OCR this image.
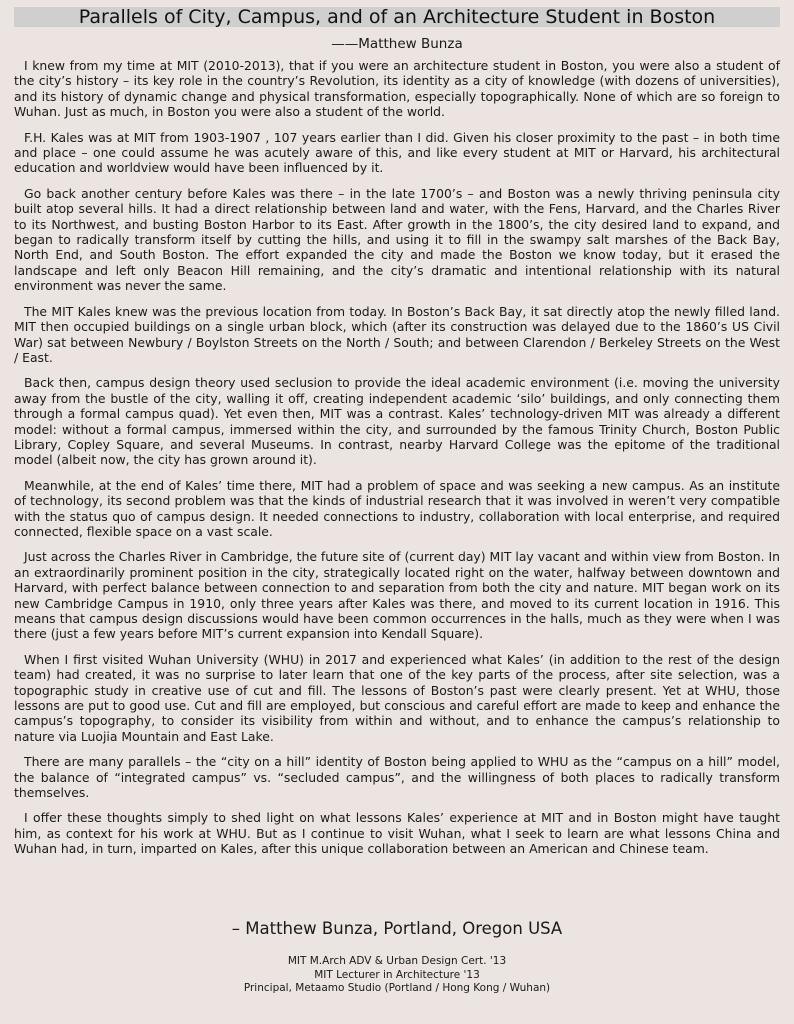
Parallels of City, Campus, and of an Architecture Student in Boston
——Matthew Bunza

I knew from my time at MIT (2010-2013), that if you were an architecture student in Boston, you were also a student of the city’s history – its key role in the country’s Revolution, its identity as a city of knowledge (with dozens of universities), and its history of dynamic change and physical transformation, especially topographically. None of which are so foreign to Wuhan. Just as much, in Boston you were also a student of the world.

F.H. Kales was at MIT from 1903-1907 , 107 years earlier than I did. Given his closer proximity to the past – in both time and place – one could assume he was acutely aware of this, and like every student at MIT or Harvard, his architectural education and worldview would have been influenced by it.

Go back another century before Kales was there – in the late 1700’s – and Boston was a newly thriving peninsula city built atop several hills. It had a direct relationship between land and water, with the Fens, Harvard, and the Charles River to its Northwest, and busting Boston Harbor to its East. After growth in the 1800’s, the city desired land to expand, and began to radically transform itself by cutting the hills, and using it to fill in the swampy salt marshes of the Back Bay, North End, and South Boston. The effort expanded the city and made the Boston we know today, but it erased the landscape and left only Beacon Hill remaining, and the city’s dramatic and intentional relationship with its natural environment was never the same.

The MIT Kales knew was the previous location from today. In Boston’s Back Bay, it sat directly atop the newly filled land. MIT then occupied buildings on a single urban block, which (after its construction was delayed due to the 1860’s US Civil War) sat between Newbury / Boylston Streets on the North / South; and between Clarendon / Berkeley Streets on the West / East.

Back then, campus design theory used seclusion to provide the ideal academic environment (i.e. moving the university away from the bustle of the city, walling it off, creating independent academic ‘silo’ buildings, and only connecting them through a formal campus quad). Yet even then, MIT was a contrast. Kales’ technology-driven MIT was already a different model: without a formal campus, immersed within the city, and surrounded by the famous Trinity Church, Boston Public Library, Copley Square, and several Museums. In contrast, nearby Harvard College was the epitome of the traditional model (albeit now, the city has grown around it).

Meanwhile, at the end of Kales’ time there, MIT had a problem of space and was seeking a new campus. As an institute of technology, its second problem was that the kinds of industrial research that it was involved in weren’t very compatible with the status quo of campus design. It needed connections to industry, collaboration with local enterprise, and required connected, flexible space on a vast scale.

Just across the Charles River in Cambridge, the future site of (current day) MIT lay vacant and within view from Boston. In an extraordinarily prominent position in the city, strategically located right on the water, halfway between downtown and Harvard, with perfect balance between connection to and separation from both the city and nature. MIT began work on its new Cambridge Campus in 1910, only three years after Kales was there, and moved to its current location in 1916. This means that campus design discussions would have been common occurrences in the halls, much as they were when I was there (just a few years before MIT’s current expansion into Kendall Square).

When I first visited Wuhan University (WHU) in 2017 and experienced what Kales’ (in addition to the rest of the design team) had created, it was no surprise to later learn that one of the key parts of the process, after site selection, was a topographic study in creative use of cut and fill. The lessons of Boston’s past were clearly present. Yet at WHU, those lessons are put to good use. Cut and fill are employed, but conscious and careful effort are made to keep and enhance the campus’s topography, to consider its visibility from within and without, and to enhance the campus’s relationship to nature via Luojia Mountain and East Lake.

There are many parallels – the “city on a hill” identity of Boston being applied to WHU as the “campus on a hill” model, the balance of “integrated campus” vs. “secluded campus”, and the willingness of both places to radically transform themselves.

I offer these thoughts simply to shed light on what lessons Kales’ experience at MIT and in Boston might have taught him, as context for his work at WHU. But as I continue to visit Wuhan, what I seek to learn are what lessons China and Wuhan had, in turn, imparted on Kales, after this unique collaboration between an American and Chinese team.

– Matthew Bunza, Portland, Oregon USA
MIT M.Arch ADV & Urban Design Cert. '13
MIT Lecturer in Architecture '13
Principal, Metaamo Studio (Portland / Hong Kong / Wuhan)
